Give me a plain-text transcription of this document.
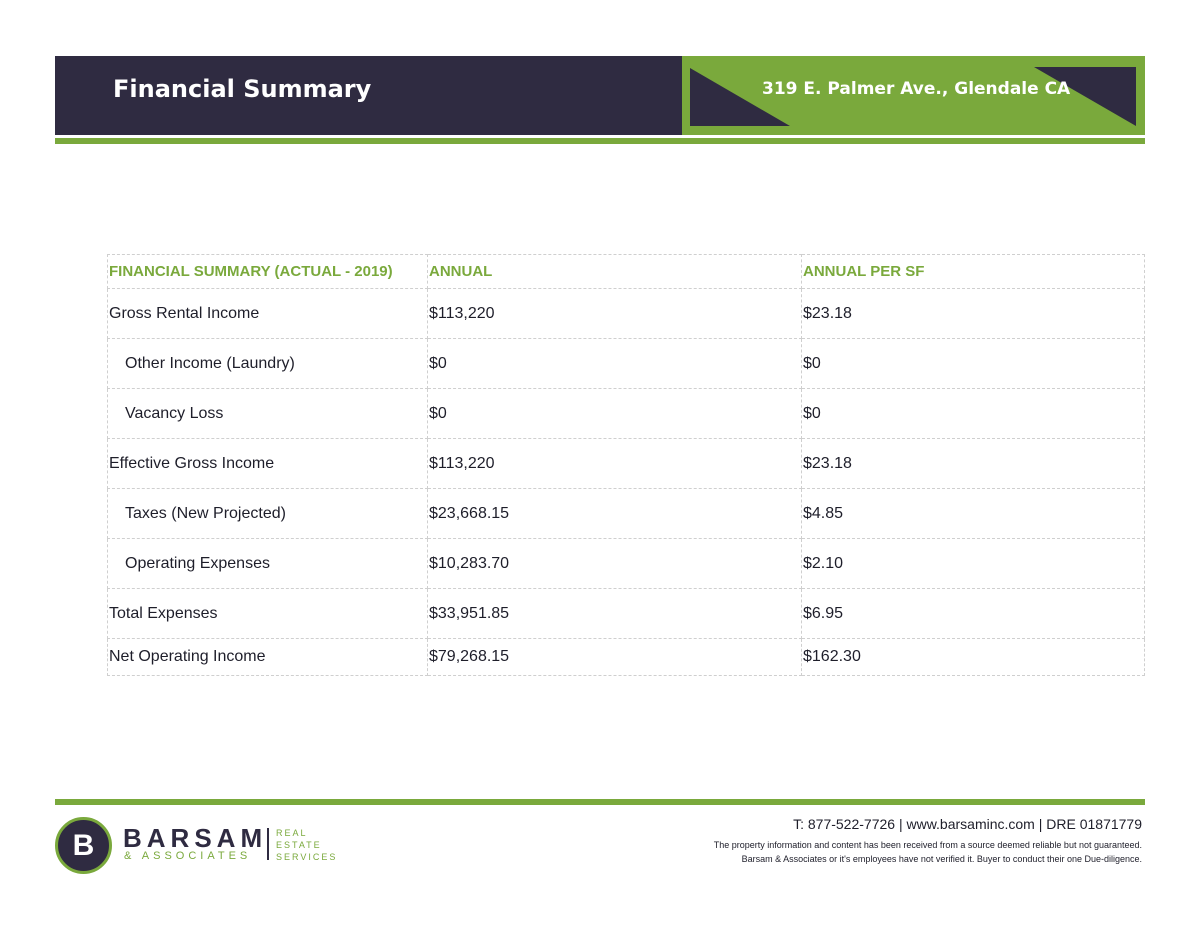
Financial Summary	319 E. Palmer Ave., Glendale CA
FINANCIAL SUMMARY (ACTUAL - 2019)	ANNUAL	ANNUAL PER SF
Gross Rental Income	$113,220	$23.18
Other Income (Laundry)	$0	$0
Vacancy Loss	$0	$0
Effective Gross Income	$113,220	$23.18
Taxes (New Projected)	$23,668.15	$4.85
Operating Expenses	$10,283.70	$2.10
Total Expenses	$33,951.85	$6.95
Net Operating Income	$79,268.15	$162.30
B	BARSAM
& ASSOCIATES
REAL
ESTATE
SERVICES
T: 877-522-7726 | www.barsaminc.com | DRE 01871779
The property information and content has been received from a source deemed reliable but not guaranteed.
Barsam & Associates or it's employees have not verified it. Buyer to conduct their one Due-diligence.
